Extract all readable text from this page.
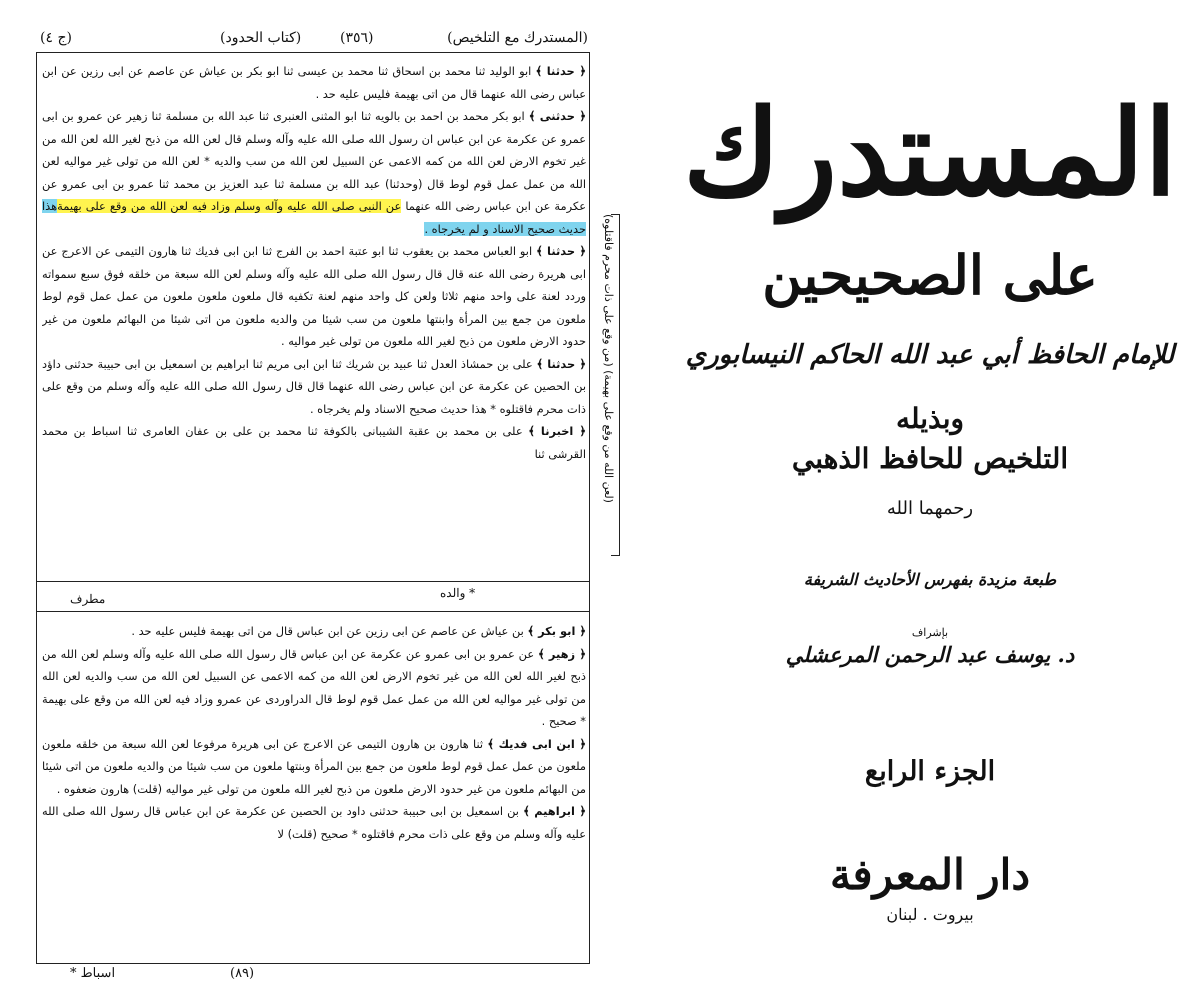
(المستدرك مع التلخيص)
(٣٥٦)
(كتاب الحدود)
(ج ٤)

﴿ حدثنا ﴾ ابو الوليد ثنا محمد بن اسحاق ثنا محمد بن عيسى ثنا ابو بكر بن عياش عن عاصم عن ابى رزين عن ابن عباس رضى الله عنهما قال من اتى بهيمة فليس عليه حد .

﴿ حدثنى ﴾ ابو بكر محمد بن احمد بن بالويه ثنا ابو المثنى العنبرى ثنا عبد الله بن مسلمة ثنا زهير عن عمرو بن ابى عمرو عن عكرمة عن ابن عباس ان رسول الله صلى الله عليه وآله وسلم قال لعن الله من ذبح لغير الله لعن الله من غير تخوم الارض لعن الله من كمه الاعمى عن السبيل لعن الله من سب والديه * لعن الله من تولى غير مواليه لعن الله من عمل عمل قوم لوط قال (وحدثنا) عبد الله بن مسلمة ثنا عبد العزيز بن محمد ثنا عمرو بن ابى عمرو عن عكرمة عن ابن عباس رضى الله عنهما عن النبى صلى الله عليه وآله وسلم وزاد فيه لعن الله من وقع على بهيمةهذا حديث صحيح الاسناد و لم يخرجاه .

﴿ حدثنا ﴾ ابو العباس محمد بن يعقوب ثنا ابو عتبة احمد بن الفرج ثنا ابن ابى فديك ثنا هارون التيمى عن الاعرج عن ابى هريرة رضى الله عنه قال قال رسول الله صلى الله عليه وآله وسلم لعن الله سبعة من خلقه فوق سبع سمواته وردد لعنة على واحد منهم ثلاثا ولعن كل واحد منهم لعنة تكفيه قال ملعون ملعون ملعون من عمل عمل قوم لوط ملعون من جمع بين المرأة وابنتها ملعون من سب شيئا من والديه ملعون من اتى شيئا من البهائم ملعون من غير حدود الارض ملعون من ذبح لغير الله ملعون من تولى غير مواليه .

﴿ حدثنا ﴾ على بن حمشاذ العدل ثنا عبيد بن شريك ثنا ابن ابى مريم ثنا ابراهيم بن اسمعيل بن ابى حبيبة حدثنى داؤد بن الحصين عن عكرمة عن ابن عباس رضى الله عنهما قال قال رسول الله صلى الله عليه وآله وسلم من وقع على ذات محرم فاقتلوه * هذا حديث صحيح الاسناد ولم يخرجاه .

﴿ اخبرنا ﴾ على بن محمد بن عقبة الشيبانى بالكوفة ثنا محمد بن على بن عفان العامرى ثنا اسباط بن محمد القرشى ثنا

* والده
مطرف

﴿ ابو بكر ﴾ بن عياش عن عاصم عن ابى رزين عن ابن عباس قال من اتى بهيمة فليس عليه حد .

﴿ زهير ﴾ عن عمرو بن ابى عمرو عن عكرمة عن ابن عباس قال رسول الله صلى الله عليه وآله وسلم لعن الله من ذبح لغير الله لعن الله من غير تخوم الارض لعن الله من كمه الاعمى عن السبيل لعن الله من سب والديه لعن الله من تولى غير مواليه لعن الله من عمل عمل قوم لوط قال الدراوردى عن عمرو وزاد فيه لعن الله من وقع على بهيمة * صحيح .

﴿ ابن ابى فديك ﴾ ثنا هارون بن هارون التيمى عن الاعرج عن ابى هريرة مرفوعا لعن الله سبعة من خلقه ملعون ملعون من عمل عمل قوم لوط ملعون من جمع بين المرأة وبنتها ملعون من سب شيئا من والديه ملعون من اتى شيئا من البهائم ملعون من غير حدود الارض ملعون من ذبح لغير الله ملعون من تولى غير مواليه (قلت) هارون ضعفوه .

﴿ ابراهيم ﴾ بن اسمعيل بن ابى حبيبة حدثنى داود بن الحصين عن عكرمة عن ابن عباس قال رسول الله صلى الله عليه وآله وسلم من وقع على ذات محرم فاقتلوه * صحيح (قلت) لا

(٨٩)
* اسباط
(من وقع على ذات محرم فاقتلوه) (لعن الله من وقع على بهيمة)
المستدرك
على الصحيحين
للإمام الحافظ أبي عبد الله الحاكم النيسابوري
وبذيله
التلخيص للحافظ الذهبي
رحمهما الله
طبعة مزيدة بفهرس الأحاديث الشريفة
بإشراف
د. يوسف عبد الرحمن المرعشلي
الجزء الرابع
دار المعرفة
بيروت . لبنان
